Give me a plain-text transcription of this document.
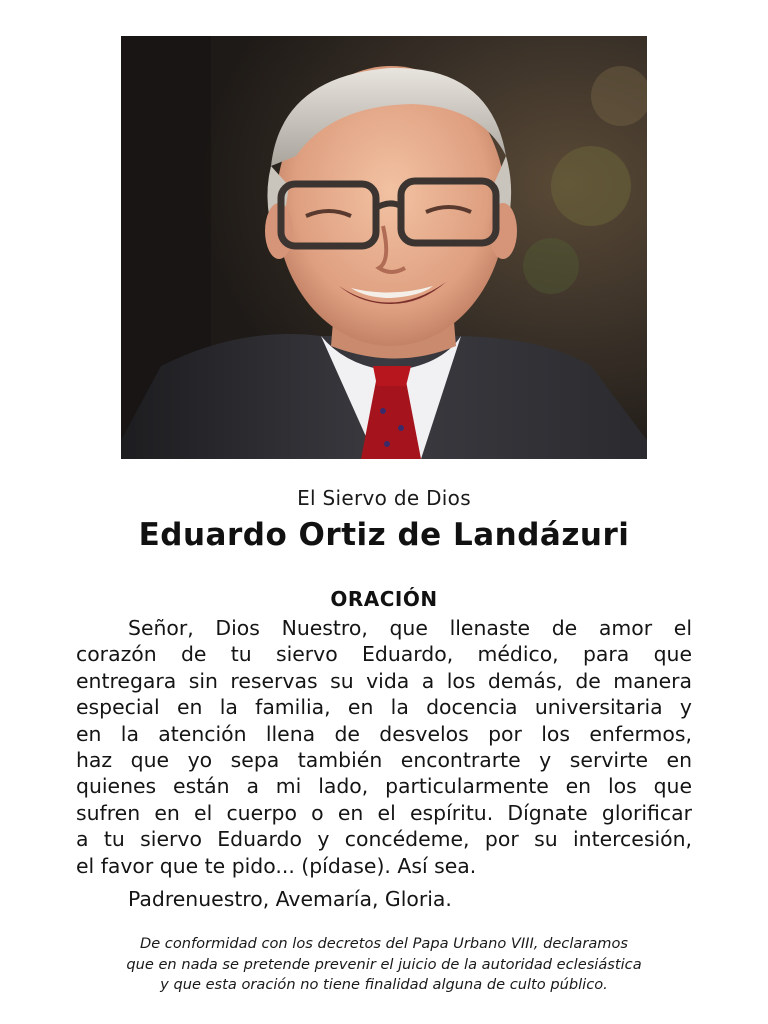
El Siervo de Dios
Eduardo Ortiz de Landázuri
ORACIÓN
Señor, Dios Nuestro, que llenaste de amor el
corazón de tu siervo Eduardo, médico, para que
entregara sin reservas su vida a los demás, de manera
especial en la familia, en la docencia universitaria y
en la atención llena de desvelos por los enfermos,
haz que yo sepa también encontrarte y servirte en
quienes están a mi lado, particularmente en los que
sufren en el cuerpo o en el espíritu. Dígnate glorificar
a tu siervo Eduardo y concédeme, por su intercesión,
el favor que te pido... (pídase). Así sea.
Padrenuestro, Avemaría, Gloria.
De conformidad con los decretos del Papa Urbano VIII, declaramos
que en nada se pretende prevenir el juicio de la autoridad eclesiástica
y que esta oración no tiene finalidad alguna de culto público.
